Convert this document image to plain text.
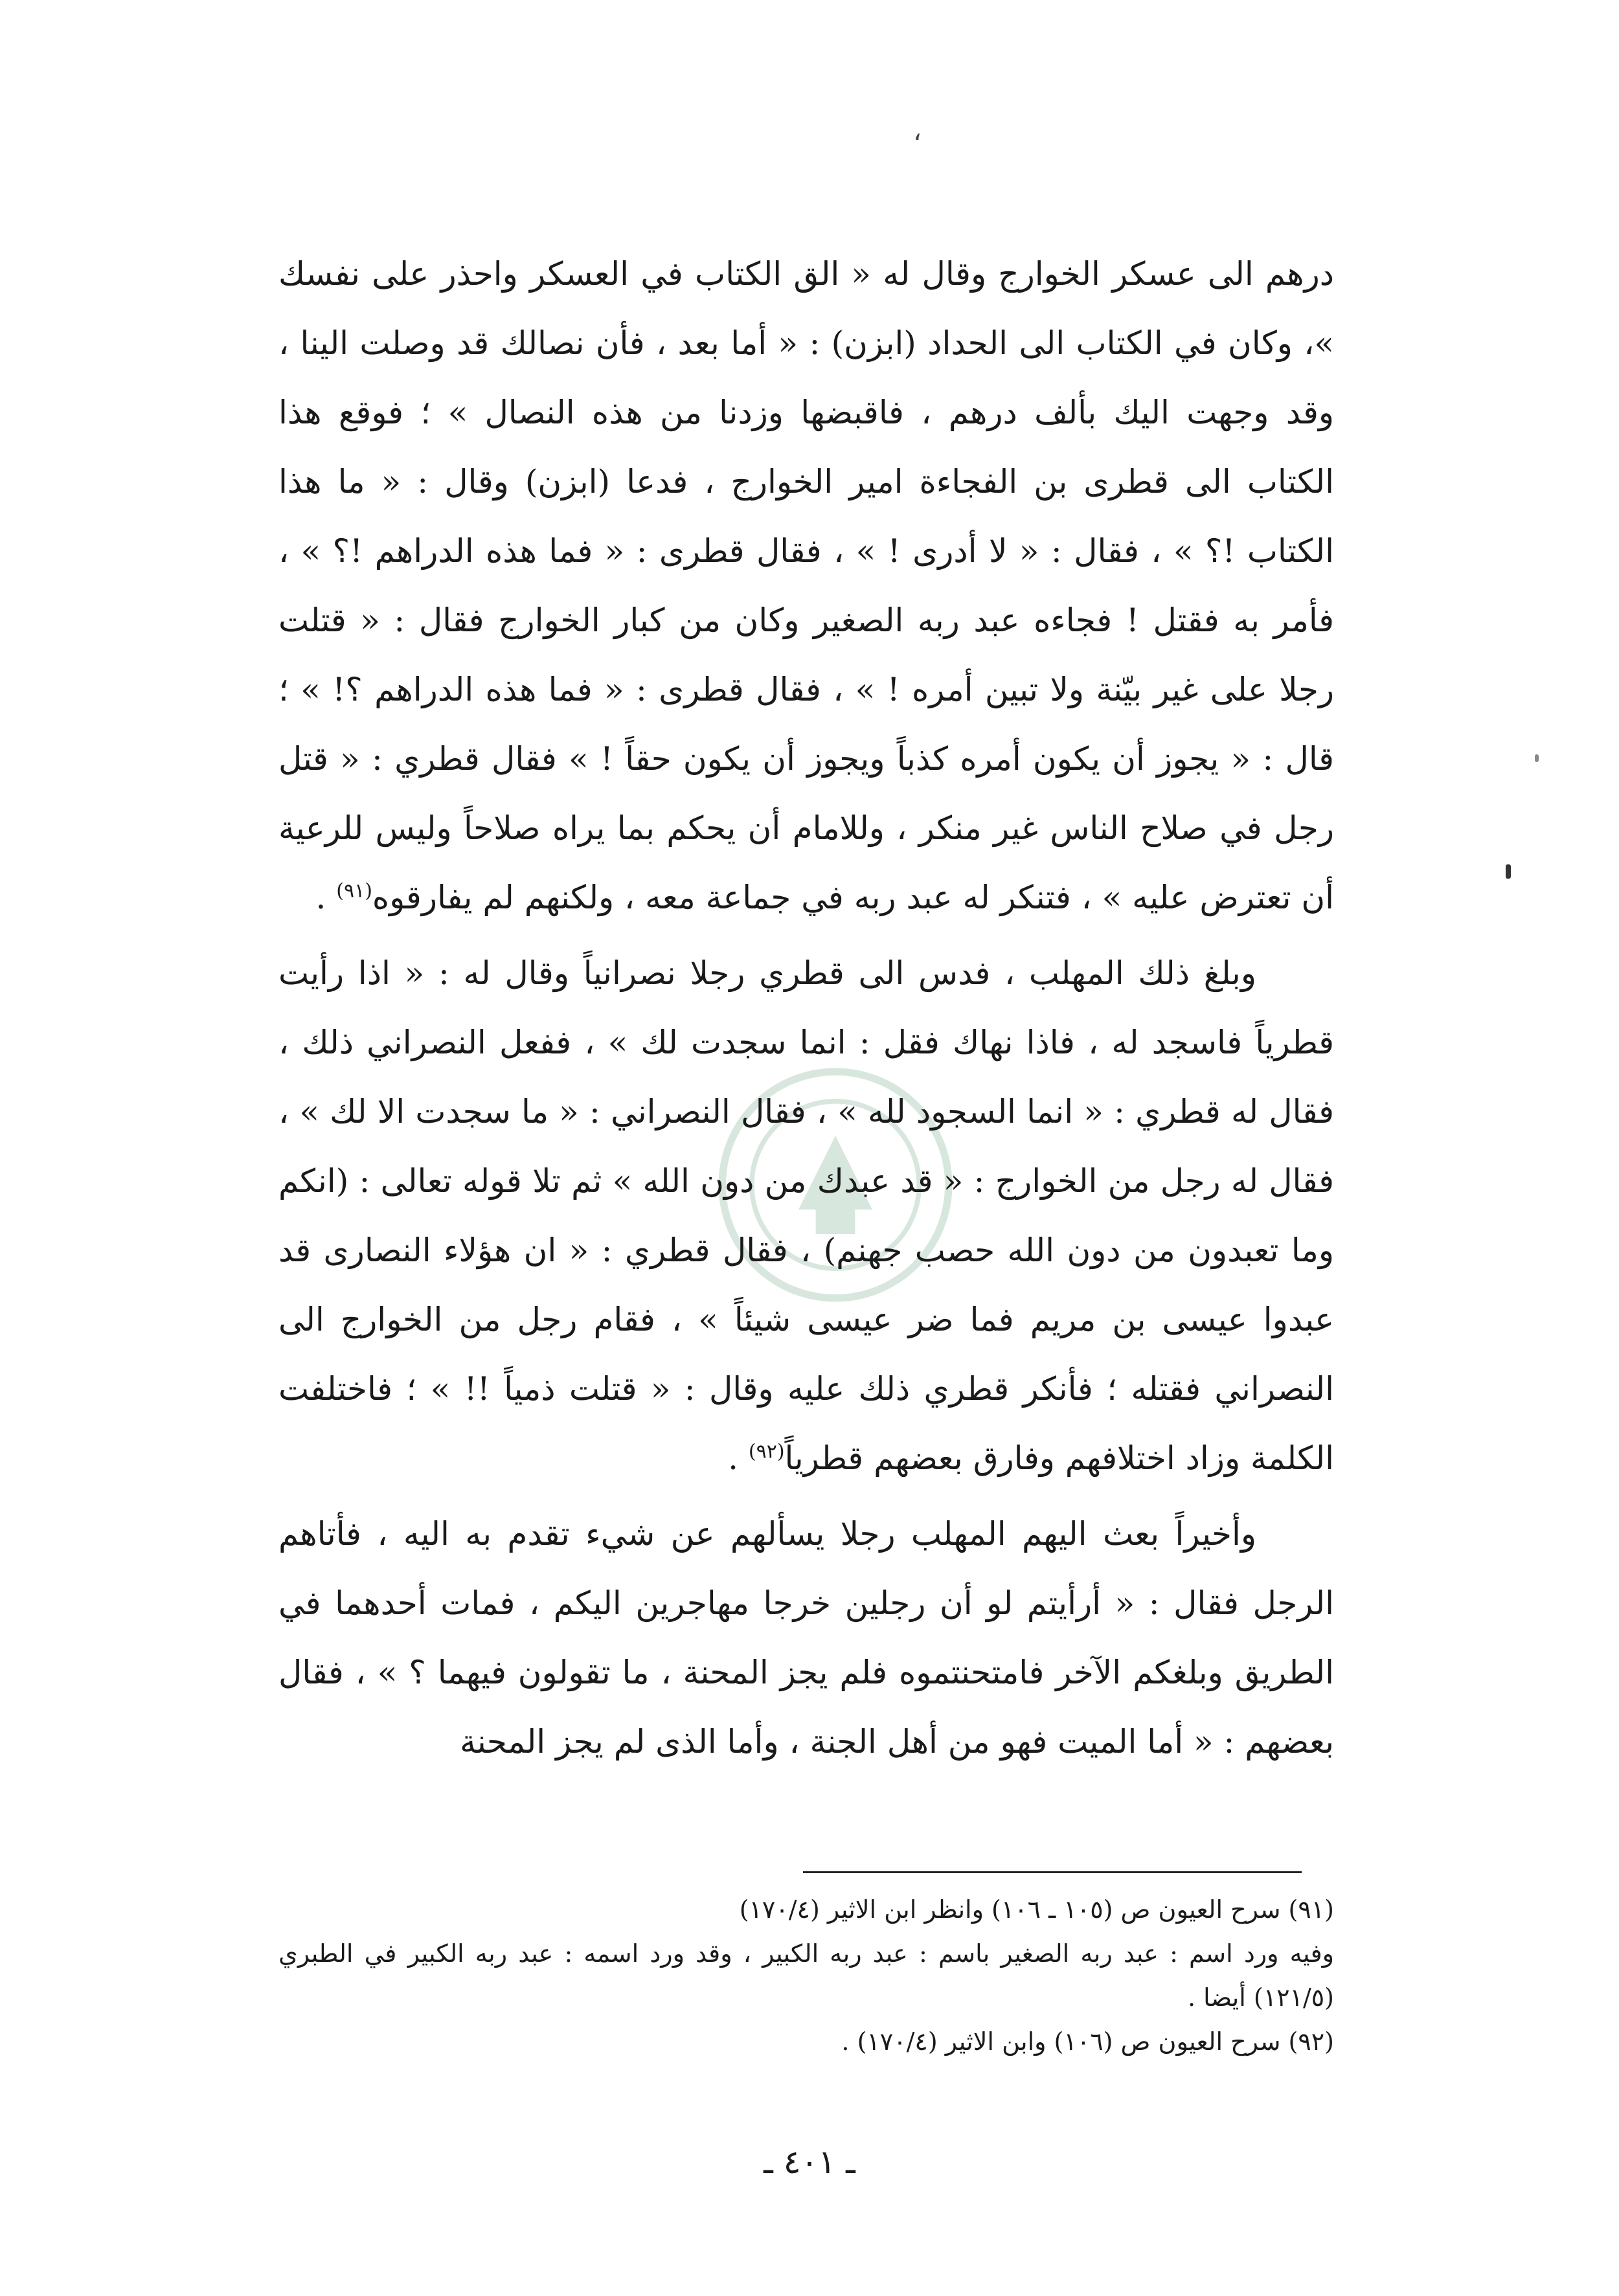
،

درهم الى عسكر الخوارج وقال له « الق الكتاب في العسكر واحذر على نفسك »، وكان في الكتاب الى الحداد (ابزن) : « أما بعد ، فأن نصالك قد وصلت الينا ، وقد وجهت اليك بألف درهم ، فاقبضها وزدنا من هذه النصال » ؛ فوقع هذا الكتاب الى قطرى بن الفجاءة امير الخوارج ، فدعا (ابزن) وقال : « ما هذا الكتاب !؟ » ، فقال : « لا أدرى ! » ، فقال قطرى : « فما هذه الدراهم !؟ » ، فأمر به فقتل ! فجاءه عبد ربه الصغير وكان من كبار الخوارج فقال : « قتلت رجلا على غير بيّنة ولا تبين أمره ! » ، فقال قطرى : « فما هذه الدراهم ؟! » ؛ قال : « يجوز أن يكون أمره كذباً ويجوز أن يكون حقاً ! » فقال قطري : « قتل رجل في صلاح الناس غير منكر ، وللامام أن يحكم بما يراه صلاحاً وليس للرعية أن تعترض عليه » ، فتنكر له عبد ربه في جماعة معه ، ولكنهم لم يفارقوه$^{(٩١)}$ .

وبلغ ذلك المهلب ، فدس الى قطري رجلا نصرانياً وقال له : « اذا رأيت قطرياً فاسجد له ، فاذا نهاك فقل : انما سجدت لك » ، ففعل النصراني ذلك ، فقال له قطري : « انما السجود لله » ، فقال النصراني : « ما سجدت الا لك » ، فقال له رجل من الخوارج : « قد عبدك من دون الله » ثم تلا قوله تعالى : (انكم وما تعبدون من دون الله حصب جهنم) ، فقال قطري : « ان هؤلاء النصارى قد عبدوا عيسى بن مريم فما ضر عيسى شيئاً » ، فقام رجل من الخوارج الى النصراني فقتله ؛ فأنكر قطري ذلك عليه وقال : « قتلت ذمياً !! » ؛ فاختلفت الكلمة وزاد اختلافهم وفارق بعضهم قطرياً$^{(٩٢)}$ .

وأخيراً بعث اليهم المهلب رجلا يسألهم عن شيء تقدم به اليه ، فأتاهم الرجل فقال : « أرأيتم لو أن رجلين خرجا مهاجرين اليكم ، فمات أحدهما في الطريق وبلغكم الآخر فامتحنتموه فلم يجز المحنة ، ما تقولون فيهما ؟ » ، فقال بعضهم : « أما الميت فهو من أهل الجنة ، وأما الذى لم يجز المحنة

(٩١) سرح العيون ص (١٠٥ ـ ١٠٦) وانظر ابن الاثير (١٧٠/٤)

وفيه ورد اسم : عبد ربه الصغير باسم : عبد ربه الكبير ، وقد ورد اسمه : عبد ربه الكبير في الطبري (١٢١/٥) أيضا .

(٩٢) سرح العيون ص (١٠٦) وابن الاثير (١٧٠/٤) .

ـ ٤٠١ ـ
